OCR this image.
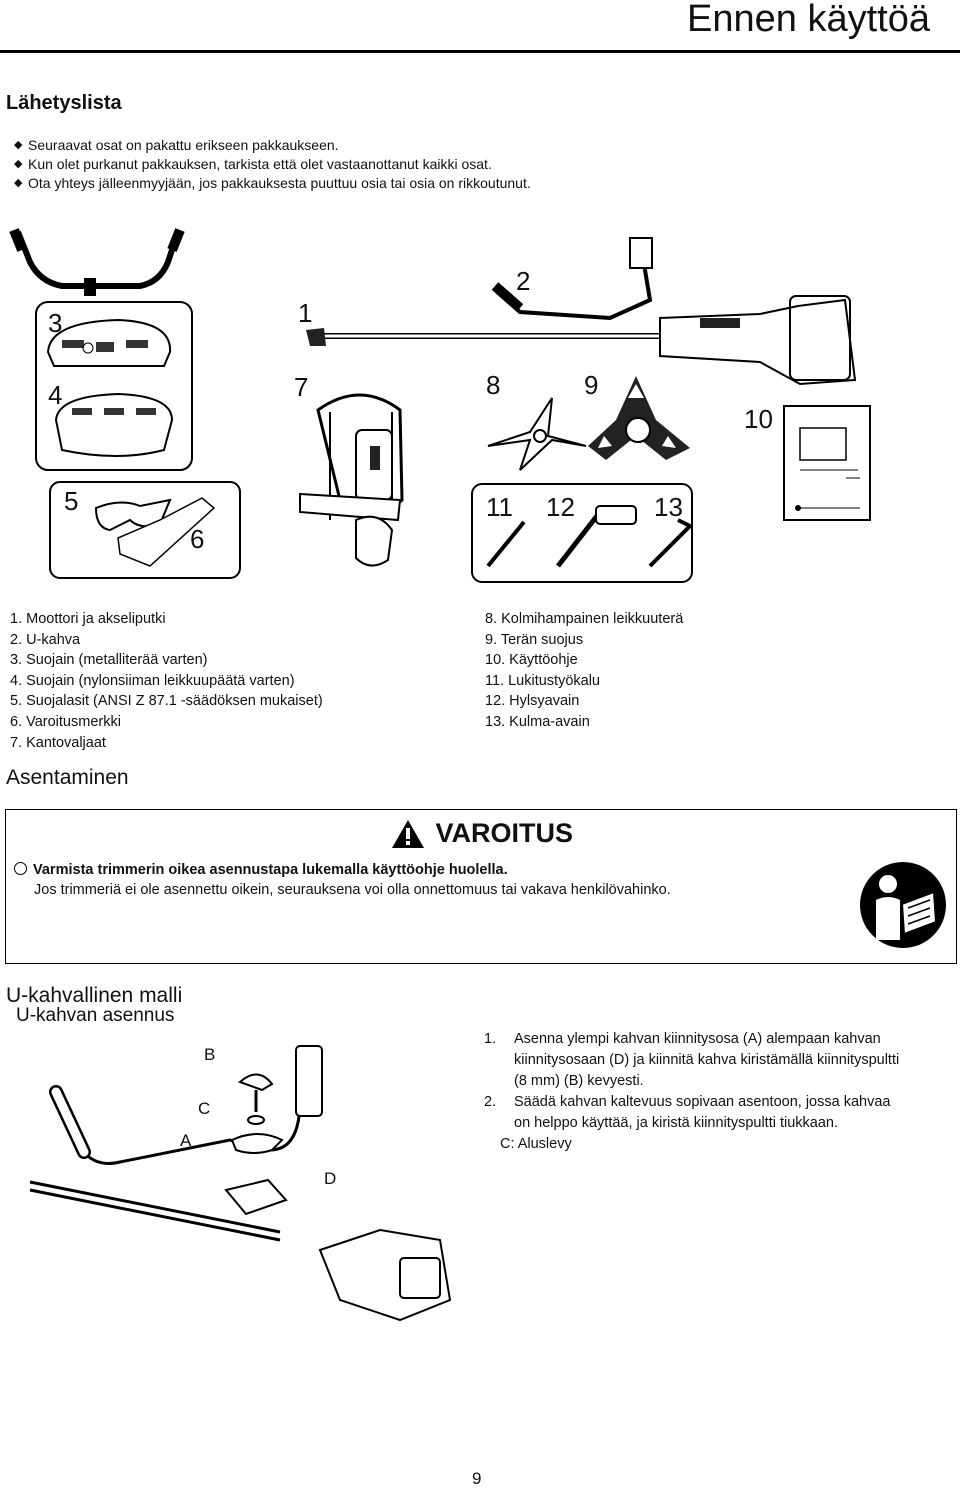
Ennen käyttöä
Lähetyslista
◆ Seuraavat osat on pakattu erikseen pakkaukseen.
◆ Kun olet purkanut pakkauksen, tarkista että olet vastaanottanut kaikki osat.
◆ Ota yhteys jälleenmyyjään, jos pakkauksesta puuttuu osia tai osia on rikkoutunut.
3
4
1
2
7	8	9
10
5
6
11 12	13
1. Moottori ja akseliputki
2. U-kahva
3. Suojain (metalliterää varten)
4. Suojain (nylonsiiman leikkuupäätä varten)
5. Suojalasit (ANSI Z 87.1 -säädöksen mukaiset)
6. Varoitusmerkki
7. Kantovaljaat
8. Kolmihampainen leikkuuterä
9. Terän suojus
10. Käyttöohje
11. Lukitustyökalu
12. Hylsyavain
13. Kulma-avain
Asentaminen
VAROITUS
Varmista trimmerin oikea asennustapa lukemalla käyttöohje huolella.
Jos trimmeriä ei ole asennettu oikein, seurauksena voi olla onnettomuus tai vakava henkilövahinko.
U-kahvallinen malli
U-kahvan asennus
B
C
A
D
1. Asenna ylempi kahvan kiinnitysosa (A) alempaan kahvan
kiinnitysosaan (D) ja kiinnitä kahva kiristämällä kiinnityspultti
(8 mm) (B) kevyesti.
2. Säädä kahvan kaltevuus sopivaan asentoon, jossa kahvaa
on helppo käyttää, ja kiristä kiinnityspultti tiukkaan.
C: Aluslevy
9
